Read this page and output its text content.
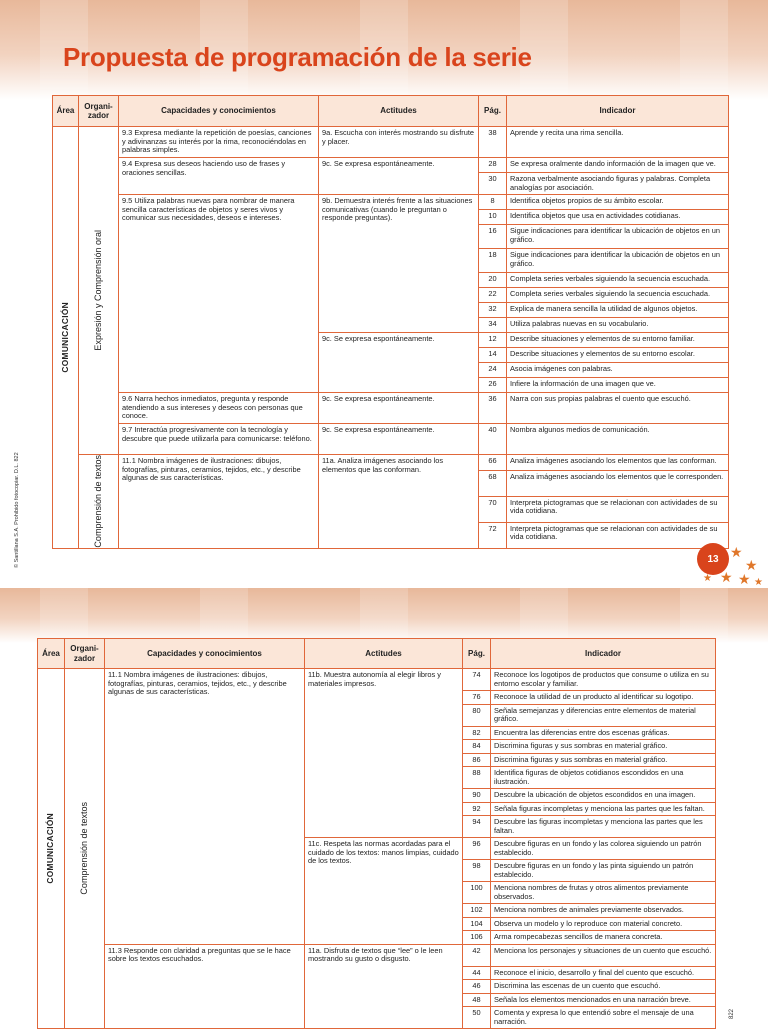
Propuesta de programación de la serie
© Santillana S.A. Prohibido fotocopiar. D.L. 822
Área	Organi-zador	Capacidades y conocimientos	Actitudes	Pág.	Indicador

COMUNICACIÓN	Expresión y Comprensión oral	9.3 Expresa mediante la repetición de poesías, canciones y adivinanzas su interés por la rima, reconociéndolas en palabras simples.	9a. Escucha con interés mostrando su disfrute y placer.	38	Aprende y recita una rima sencilla.
		9.4 Expresa sus deseos haciendo uso de frases y oraciones sencillas.	9c. Se expresa espontáneamente.	28	Se expresa oralmente dando información de la imagen que ve.
				30	Razona verbalmente asociando figuras y palabras. Completa analogías por asociación.
		9.5 Utiliza palabras nuevas para nombrar de manera sencilla características de objetos y seres vivos y comunicar sus necesidades, deseos e intereses.	9b. Demuestra interés frente a las situaciones comunicativas (cuando le preguntan o responde preguntas).	8	Identifica objetos propios de su ámbito escolar.
				10	Identifica objetos que usa en actividades cotidianas.
				16	Sigue indicaciones para identificar la ubicación de objetos en un gráfico.
				18	Sigue indicaciones para identificar la ubicación de objetos en un gráfico.
				20	Completa series verbales siguiendo la secuencia escuchada.
				22	Completa series verbales siguiendo la secuencia escuchada.
				32	Explica de manera sencilla la utilidad de algunos objetos.
				34	Utiliza palabras nuevas en su vocabulario.
			9c. Se expresa espontáneamente.	12	Describe situaciones y elementos de su entorno familiar.
				14	Describe situaciones y elementos de su entorno escolar.
				24	Asocia imágenes con palabras.
				26	Infiere la información de una imagen que ve.
		9.6 Narra hechos inmediatos, pregunta y responde atendiendo a sus intereses y deseos con personas que conoce.	9c. Se expresa espontáneamente.	36	Narra con sus propias palabras el cuento que escuchó.
		9.7 Interactúa progresivamente con la tecnología y descubre que puede utilizarla para comunicarse: teléfono.	9c. Se expresa espontáneamente.	40	Nombra algunos medios de comunicación.

	Comprensión de textos	11.1 Nombra imágenes de ilustraciones: dibujos, fotografías, pinturas, ceramios, tejidos, etc., y describe algunas de sus características.	11a. Analiza imágenes asociando los elementos que las conforman.	66	Analiza imágenes asociando los elementos que las conforman.
				68	Analiza imágenes asociando los elementos que le corresponden.
				70	Interpreta pictogramas que se relacionan con actividades de su vida cotidiana.
				72	Interpreta pictogramas que se relacionan con actividades de su vida cotidiana.
13 ★
★
★ ★
★	★
Área	Organi-zador	Capacidades y conocimientos	Actitudes	Pág.	Indicador

COMUNICACIÓN	Comprensión de textos	11.1 Nombra imágenes de ilustraciones: dibujos, fotografías, pinturas, ceramios, tejidos, etc., y describe algunas de sus características.	11b. Muestra autonomía al elegir libros y materiales impresos.	74	Reconoce los logotipos de productos que consume o utiliza en su entorno escolar y familiar.
				76	Reconoce la utilidad de un producto al identificar su logotipo.
				80	Señala semejanzas y diferencias entre elementos de material gráfico.
				82	Encuentra las diferencias entre dos escenas gráficas.
				84	Discrimina figuras y sus sombras en material gráfico.
				86	Discrimina figuras y sus sombras en material gráfico.
				88	Identifica figuras de objetos cotidianos escondidos en una ilustración.
				90	Descubre la ubicación de objetos escondidos en una imagen.
				92	Señala figuras incompletas y menciona las partes que les faltan.
				94	Descubre las figuras incompletas y menciona las partes que les faltan.
			11c. Respeta las normas acordadas para el cuidado de los textos: manos limpias, cuidado de los textos.	96	Descubre figuras en un fondo y las colorea siguiendo un patrón establecido.
				98	Descubre figuras en un fondo y las pinta siguiendo un patrón establecido.
				100	Menciona nombres de frutas y otros alimentos previamente observados.
				102	Menciona nombres de animales previamente observados.
				104	Observa un modelo y lo reproduce con material concreto.
				106	Arma rompecabezas sencillos de manera concreta.
		11.3 Responde con claridad a preguntas que se le hace sobre los textos escuchados.	11a. Disfruta de textos que “lee” o le leen mostrando su gusto o disgusto.	42	Menciona los personajes y situaciones de un cuento que escuchó.
				44	Reconoce el inicio, desarrollo y final del cuento que escuchó.
				46	Discrimina las escenas de un cuento que escuchó.
				48	Señala los elementos mencionados en una narración breve.
				50	Comenta y expresa lo que entendió sobre el mensaje de una narración.
822
